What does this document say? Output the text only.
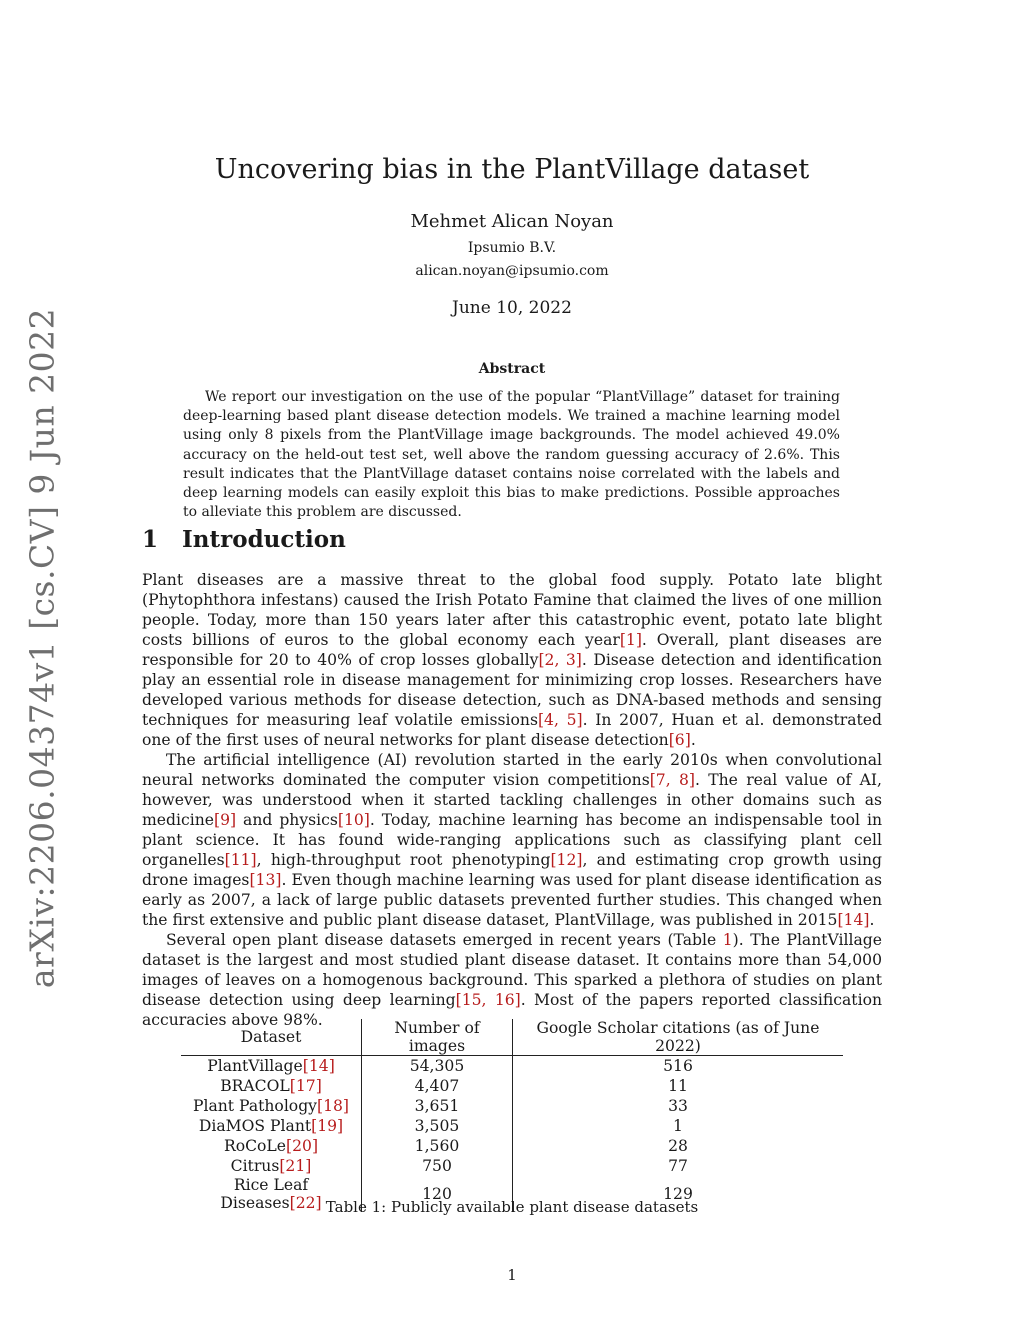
arXiv:2206.04374v1 [cs.CV] 9 Jun 2022
Uncovering bias in the PlantVillage dataset
Mehmet Alican Noyan
Ipsumio B.V.
alican.noyan@ipsumio.com
June 10, 2022
Abstract
We report our investigation on the use of the popular “PlantVillage” dataset for training deep-learning based plant disease detection models. We trained a machine learning model using only 8 pixels from the PlantVillage image backgrounds. The model achieved 49.0% accuracy on the held-out test set, well above the random guessing accuracy of 2.6%. This result indicates that the PlantVillage dataset contains noise correlated with the labels and deep learning models can easily exploit this bias to make predictions. Possible approaches to alleviate this problem are discussed.
1 Introduction

Plant diseases are a massive threat to the global food supply. Potato late blight (Phytophthora infestans) caused the Irish Potato Famine that claimed the lives of one million people. Today, more than 150 years later after this catastrophic event, potato late blight costs billions of euros to the global economy each year[1]. Overall, plant diseases are responsible for 20 to 40% of crop losses globally[2, 3]. Disease detection and identification play an essential role in disease management for minimizing crop losses. Researchers have developed various methods for disease detection, such as DNA-based methods and sensing techniques for measuring leaf volatile emissions[4, 5]. In 2007, Huan et al. demonstrated one of the first uses of neural networks for plant disease detection[6].

The artificial intelligence (AI) revolution started in the early 2010s when convolutional neural networks dominated the computer vision competitions[7, 8]. The real value of AI, however, was understood when it started tackling challenges in other domains such as medicine[9] and physics[10]. Today, machine learning has become an indispensable tool in plant science. It has found wide-ranging applications such as classifying plant cell organelles[11], high-throughput root phenotyping[12], and estimating crop growth using drone images[13]. Even though machine learning was used for plant disease identification as early as 2007, a lack of large public datasets prevented further studies. This changed when the first extensive and public plant disease dataset, PlantVillage, was published in 2015[14].

Several open plant disease datasets emerged in recent years (Table 1). The PlantVillage dataset is the largest and most studied plant disease dataset. It contains more than 54,000 images of leaves on a homogenous background. This sparked a plethora of studies on plant disease detection using deep learning[15, 16]. Most of the papers reported classification accuracies above 98%.

Dataset	Number of images	Google Scholar citations (as of June 2022)
PlantVillage[14]	54,305	516
BRACOL[17]	4,407	11
Plant Pathology[18]	3,651	33
DiaMOS Plant[19]	3,505	1
RoCoLe[20]	1,560	28
Citrus[21]	750	77
Rice Leaf Diseases[22]	120	129
Table 1: Publicly available plant disease datasets
1
